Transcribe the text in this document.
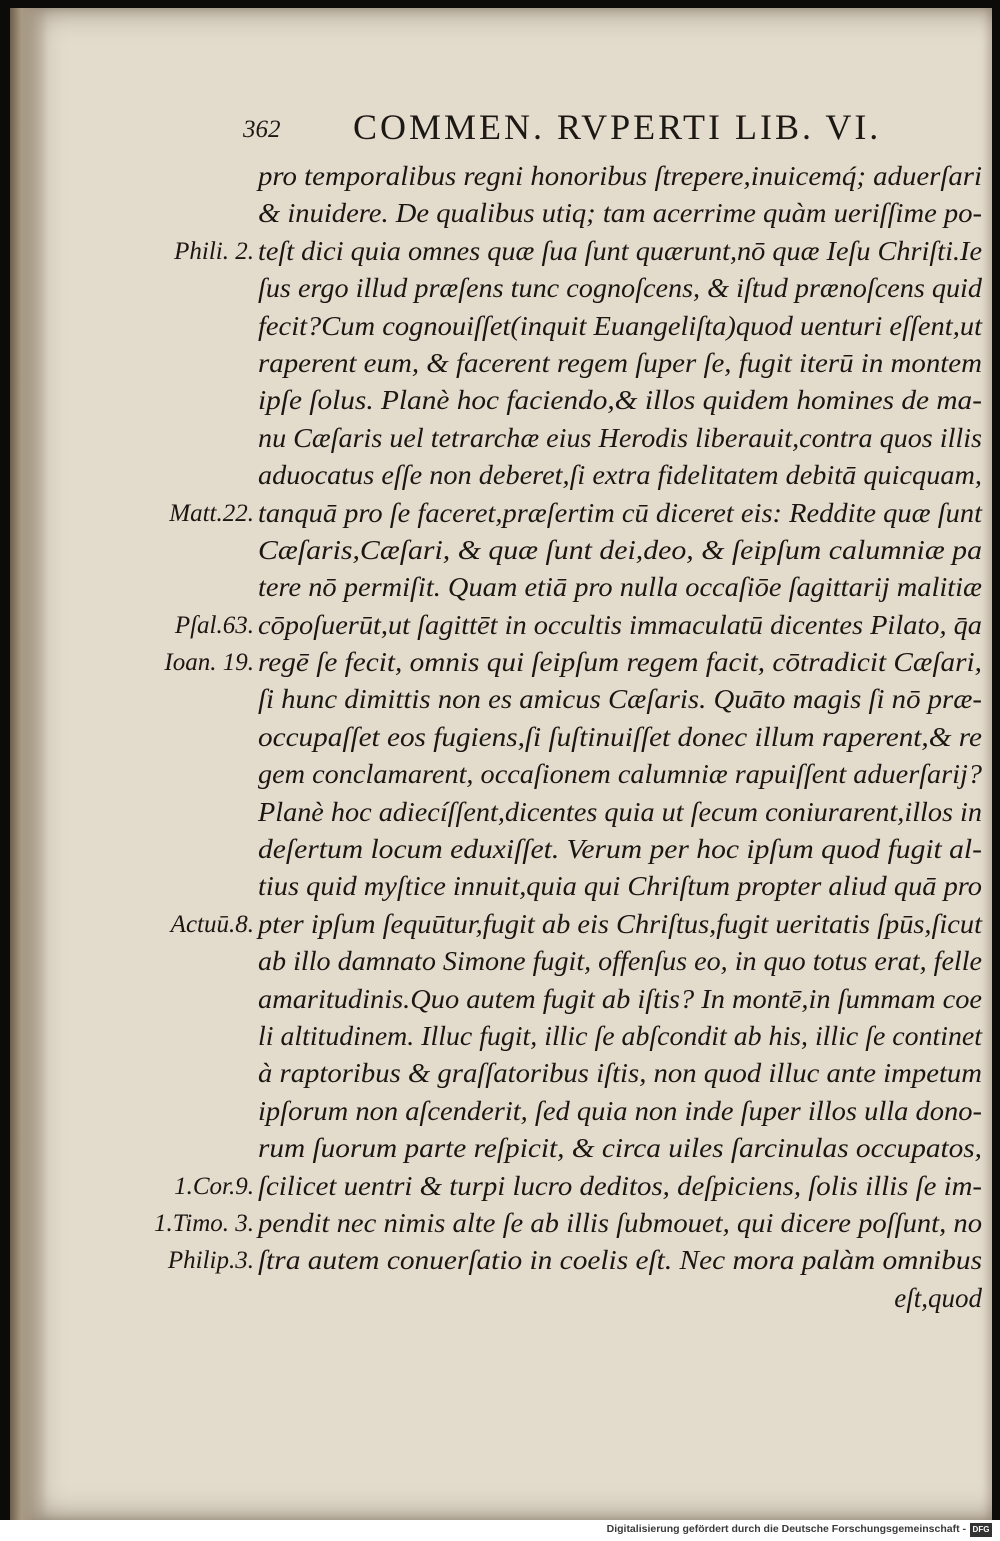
362 COMMEN. RVPERTI LIB. VI.
pro temporalibus regni honoribus ſtrepere,inuicemq́; aduerſari
& inuidere. De qualibus utiq; tam acerrime quàm ueriſſime po-
teſt dici quia omnes quæ ſua ſunt quærunt,nō quæ Ieſu Chriſti.Ie
Phili. 2.
ſus ergo illud præſens tunc cognoſcens, & iſtud prænoſcens quid
fecit?Cum cognouiſſet(inquit Euangeliſta)quod uenturi eſſent,ut
raperent eum, & facerent regem ſuper ſe, fugit iterū in montem
ipſe ſolus. Planè hoc faciendo,& illos quidem homines de ma-
nu Cæſaris uel tetrarchæ eius Herodis liberauit,contra quos illis
aduocatus eſſe non deberet,ſi extra fidelitatem debitā quicquam,
tanquā pro ſe faceret,præſertim cū diceret eis: Reddite quæ ſunt
Matt.22.
Cæſaris,Cæſari, & quæ ſunt dei,deo, & ſeipſum calumniæ pa
tere nō permiſit. Quam etiā pro nulla occaſiōe ſagittarij malitiæ
cōpoſuerūt,ut ſagittēt in occultis immaculatū dicentes Pilato, q̄a
Pſal.63.
regē ſe fecit, omnis qui ſeipſum regem facit, cōtradicit Cæſari,
Ioan. 19.
ſi hunc dimittis non es amicus Cæſaris. Quāto magis ſi nō præ-
occupaſſet eos fugiens,ſi ſuſtinuiſſet donec illum raperent,& re
gem conclamarent, occaſionem calumniæ rapuiſſent aduerſarij?
Planè hoc adiecíſſent,dicentes quia ut ſecum coniurarent,illos in
deſertum locum eduxiſſet. Verum per hoc ipſum quod fugit al-
tius quid myſtice innuit,quia qui Chriſtum propter aliud quā pro
pter ipſum ſequūtur,fugit ab eis Chriſtus,fugit ueritatis ſpūs,ſicut
Actuū.8.
ab illo damnato Simone fugit, offenſus eo, in quo totus erat, felle
amaritudinis.Quo autem fugit ab iſtis? In montē,in ſummam coe
li altitudinem. Illuc fugit, illic ſe abſcondit ab his, illic ſe continet
à raptoribus & graſſatoribus iſtis, non quod illuc ante impetum
ipſorum non aſcenderit, ſed quia non inde ſuper illos ulla dono-
rum ſuorum parte reſpicit, & circa uiles ſarcinulas occupatos,
ſcilicet uentri & turpi lucro deditos, deſpiciens, ſolis illis ſe im-
1.Cor.9.
pendit nec nimis alte ſe ab illis ſubmouet, qui dicere poſſunt, no
1.Timo. 3.
ſtra autem conuerſatio in coelis eſt. Nec mora palàm omnibus
Philip.3.
eſt,quod
Digitalisierung gefördert durch die Deutsche Forschungsgemeinschaft - DFG
